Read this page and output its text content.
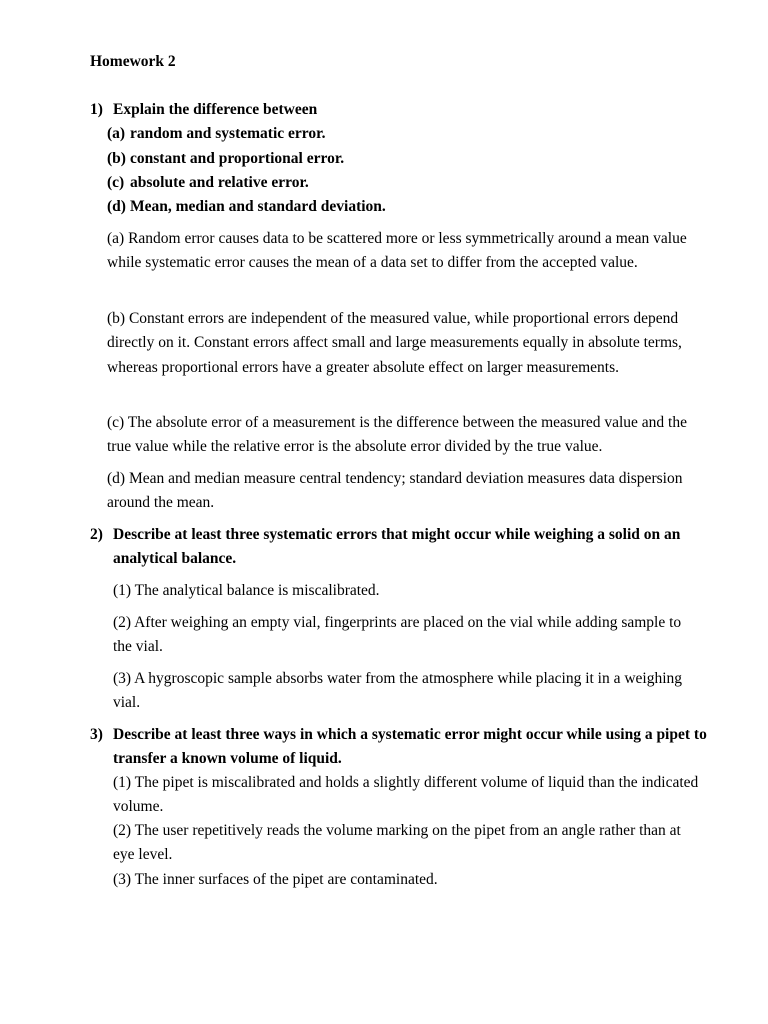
Homework 2
1) Explain the difference between
(a) random and systematic error.
(b) constant and proportional error.
(c) absolute and relative error.
(d) Mean, median and standard deviation.
(a) Random error causes data to be scattered more or less symmetrically around a mean value while systematic error causes the mean of a data set to differ from the accepted value.
(b) Constant errors are independent of the measured value, while proportional errors depend directly on it. Constant errors affect small and large measurements equally in absolute terms, whereas proportional errors have a greater absolute effect on larger measurements.
(c) The absolute error of a measurement is the difference between the measured value and the true value while the relative error is the absolute error divided by the true value.
(d) Mean and median measure central tendency; standard deviation measures data dispersion around the mean.
2) Describe at least three systematic errors that might occur while weighing a solid on an analytical balance.
(1) The analytical balance is miscalibrated.
(2) After weighing an empty vial, fingerprints are placed on the vial while adding sample to the vial.
(3) A hygroscopic sample absorbs water from the atmosphere while placing it in a weighing vial.
3) Describe at least three ways in which a systematic error might occur while using a pipet to transfer a known volume of liquid.
(1) The pipet is miscalibrated and holds a slightly different volume of liquid than the indicated volume.
(2) The user repetitively reads the volume marking on the pipet from an angle rather than at eye level.
(3) The inner surfaces of the pipet are contaminated.
